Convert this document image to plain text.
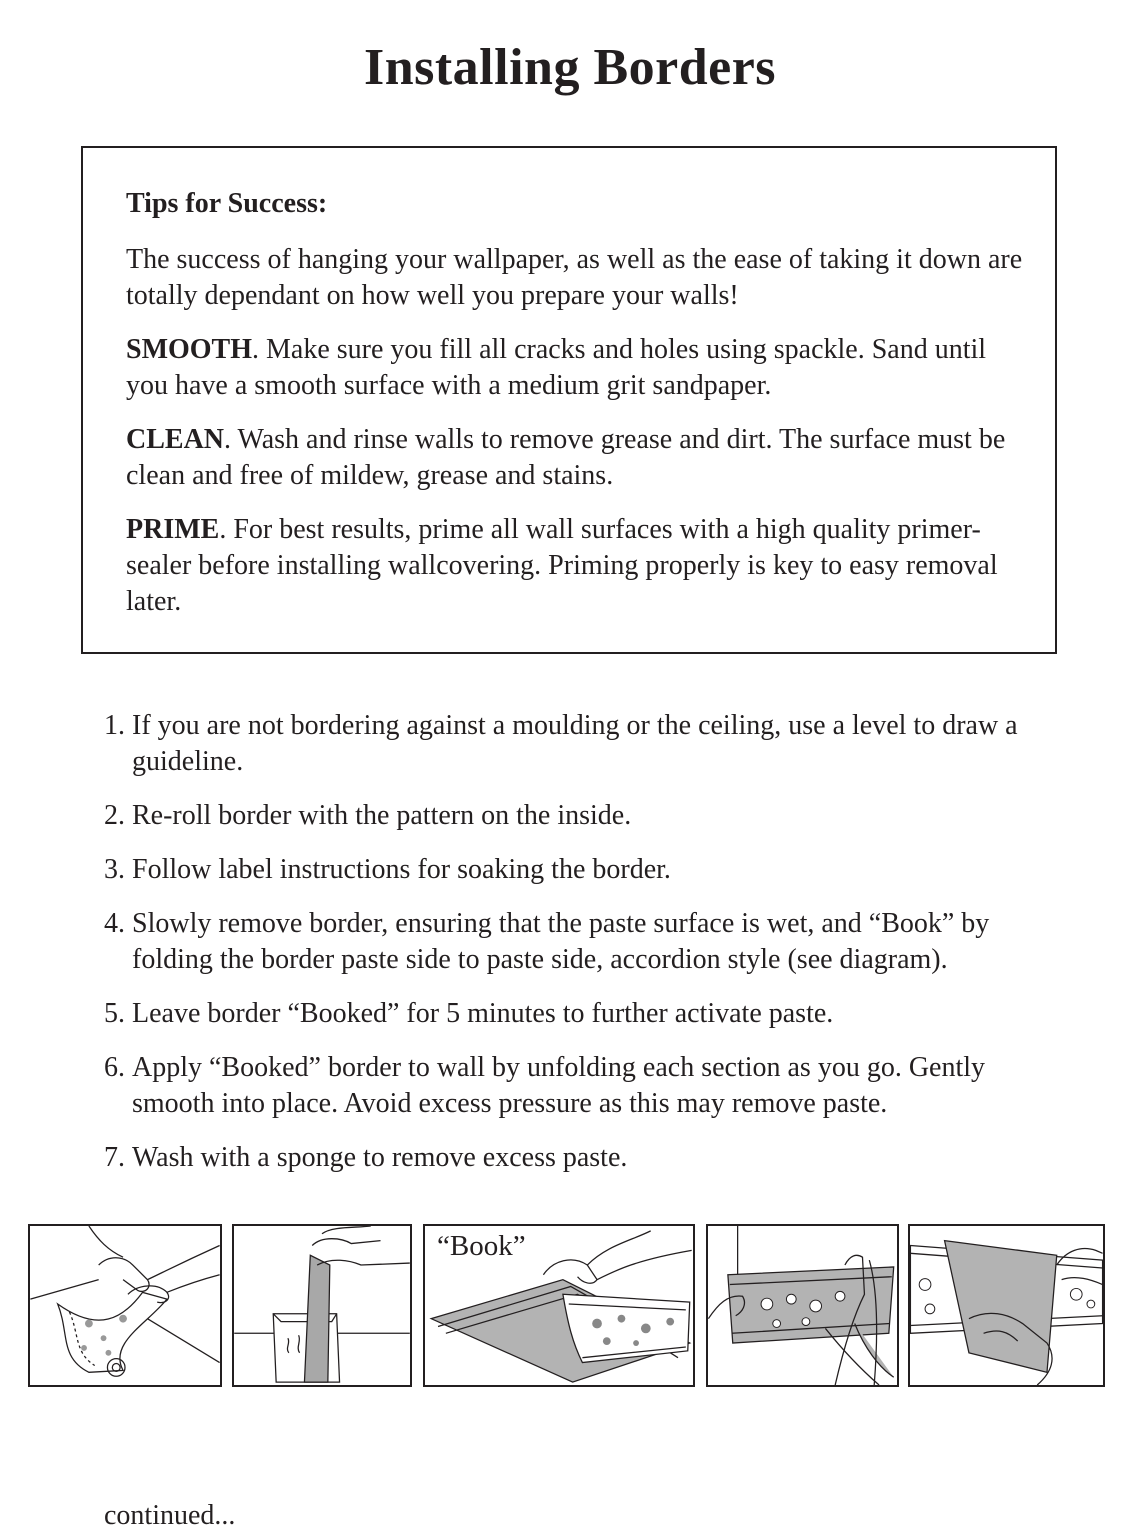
Installing Borders
Tips for Success:

The success of hanging your wallpaper, as well as the ease of taking it down are totally dependant on how well you prepare your walls!

SMOOTH. Make sure you fill all cracks and holes using spackle. Sand until you have a smooth surface with a medium grit sandpaper.

CLEAN. Wash and rinse walls to remove grease and dirt. The surface must be clean and free of mildew, grease and stains.

PRIME. For best results, prime all wall surfaces with a high quality primer-sealer before installing wallcovering. Priming properly is key to easy removal later.

1. If you are not bordering against a moulding or the ceiling, use a level to draw a guideline.
2. Re-roll border with the pattern on the inside.
3. Follow label instructions for soaking the border.
4. Slowly remove border, ensuring that the paste surface is wet, and “Book” by folding the border paste side to paste side, accordion style (see diagram).
5. Leave border “Booked” for 5 minutes to further activate paste.
6. Apply “Booked” border to wall by unfolding each section as you go. Gently smooth into place. Avoid excess pressure as this may remove paste.
7. Wash with a sponge to remove excess paste.
“Book”
continued...
